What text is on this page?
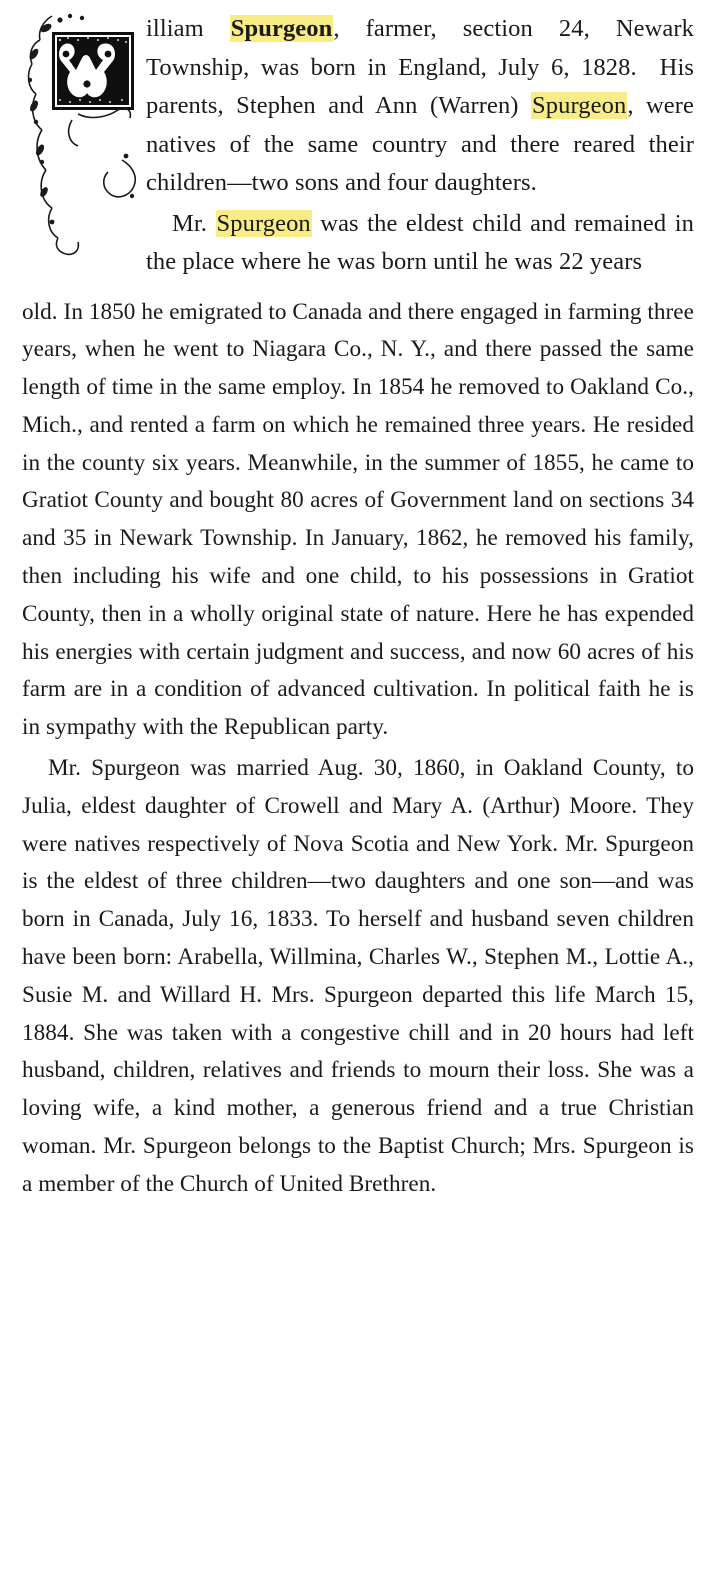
illiam Spurgeon, farmer, section 24, Newark Township, was born in England, July 6, 1828.  His parents, Stephen and Ann (Warren) Spurgeon, were natives of the same country and there reared their children—two sons and four daughters.

Mr. Spurgeon was the eldest child and remained in the place where he was born until he was 22 years

old. In 1850 he emigrated to Canada and there engaged in farming three years, when he went to Niagara Co., N. Y., and there passed the same length of time in the same employ. In 1854 he removed to Oakland Co., Mich., and rented a farm on which he remained three years. He resided in the county six years. Meanwhile, in the summer of 1855, he came to Gratiot County and bought 80 acres of Government land on sections 34 and 35 in Newark Township. In January, 1862, he removed his family, then including his wife and one child, to his possessions in Gratiot County, then in a wholly original state of nature. Here he has expended his energies with certain judgment and success, and now 60 acres of his farm are in a condition of advanced cultivation. In political faith he is in sympathy with the Republican party.

Mr. Spurgeon was married Aug. 30, 1860, in Oakland County, to Julia, eldest daughter of Crowell and Mary A. (Arthur) Moore. They were natives respectively of Nova Scotia and New York. Mr. Spurgeon is the eldest of three children—two daughters and one son—and was born in Canada, July 16, 1833. To herself and husband seven children have been born: Arabella, Willmina, Charles W., Stephen M., Lottie A., Susie M. and Willard H. Mrs. Spurgeon departed this life March 15, 1884. She was taken with a congestive chill and in 20 hours had left husband, children, relatives and friends to mourn their loss. She was a loving wife, a kind mother, a generous friend and a true Christian woman. Mr. Spurgeon belongs to the Baptist Church; Mrs. Spurgeon is a member of the Church of United Brethren.
